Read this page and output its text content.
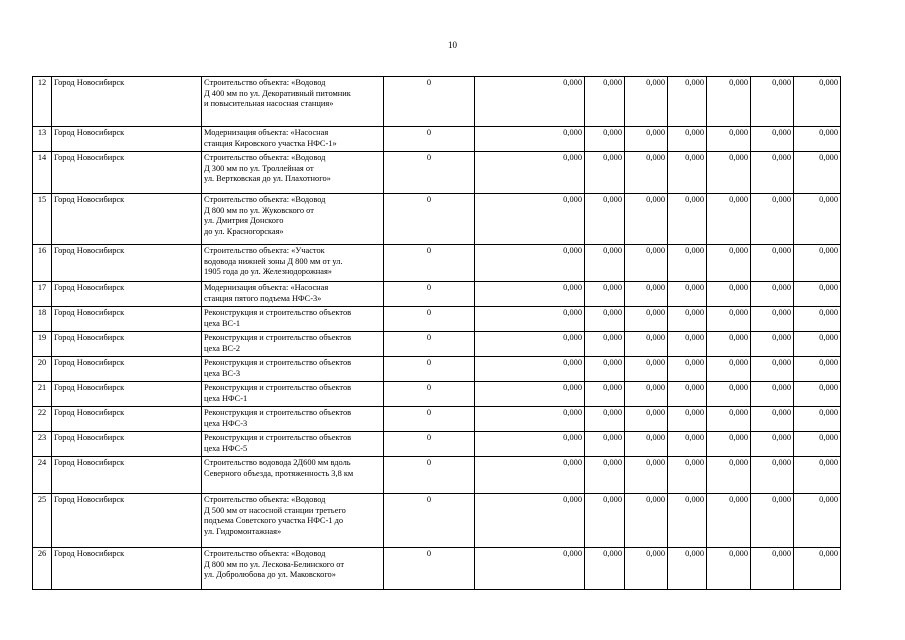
10
12	Город Новосибирск	Строительство объекта: «Водовод
Д 400 мм по ул. Декоративный питомник
и повысительная насосная станция»	0	0,000	0,000	0,000	0,000	0,000	0,000	0,000
13	Город Новосибирск	Модернизация объекта: «Насосная
станция Кировского участка НФС-1»	0	0,000	0,000	0,000	0,000	0,000	0,000	0,000
14	Город Новосибирск	Строительство объекта: «Водовод
Д 300 мм по ул. Троллейная от
ул. Вертковская до ул. Плахотного»	0	0,000	0,000	0,000	0,000	0,000	0,000	0,000
15	Город Новосибирск	Строительство объекта: «Водовод
Д 800 мм по ул. Жуковского от
ул. Дмитрия Донского
до ул. Красногорская»	0	0,000	0,000	0,000	0,000	0,000	0,000	0,000
16	Город Новосибирск	Строительство объекта: «Участок
водовода нижней зоны Д 800 мм от ул.
1905 года до ул. Железнодорожная»	0	0,000	0,000	0,000	0,000	0,000	0,000	0,000
17	Город Новосибирск	Модернизация объекта: «Насосная
станция пятого подъема НФС-3»	0	0,000	0,000	0,000	0,000	0,000	0,000	0,000
18	Город Новосибирск	Реконструкция и строительство объектов
цеха ВС-1	0	0,000	0,000	0,000	0,000	0,000	0,000	0,000
19	Город Новосибирск	Реконструкция и строительство объектов
цеха ВС-2	0	0,000	0,000	0,000	0,000	0,000	0,000	0,000
20	Город Новосибирск	Реконструкция и строительство объектов
цеха ВС-3	0	0,000	0,000	0,000	0,000	0,000	0,000	0,000
21	Город Новосибирск	Реконструкция и строительство объектов
цеха НФС-1	0	0,000	0,000	0,000	0,000	0,000	0,000	0,000
22	Город Новосибирск	Реконструкция и строительство объектов
цеха НФС-3	0	0,000	0,000	0,000	0,000	0,000	0,000	0,000
23	Город Новосибирск	Реконструкция и строительство объектов
цеха НФС-5	0	0,000	0,000	0,000	0,000	0,000	0,000	0,000
24	Город Новосибирск	Строительство водовода 2Д600 мм вдоль
Северного объезда, протяженность 3,8 км	0	0,000	0,000	0,000	0,000	0,000	0,000	0,000
25	Город Новосибирск	Строительство объекта: «Водовод
Д 500 мм от насосной станции третьего
подъема Советского участка НФС-1 до
ул. Гидромонтажная»	0	0,000	0,000	0,000	0,000	0,000	0,000	0,000
26	Город Новосибирск	Строительство объекта: «Водовод
Д 800 мм по ул. Лескова-Белинского от
ул. Добролюбова до ул. Маковского»	0	0,000	0,000	0,000	0,000	0,000	0,000	0,000
